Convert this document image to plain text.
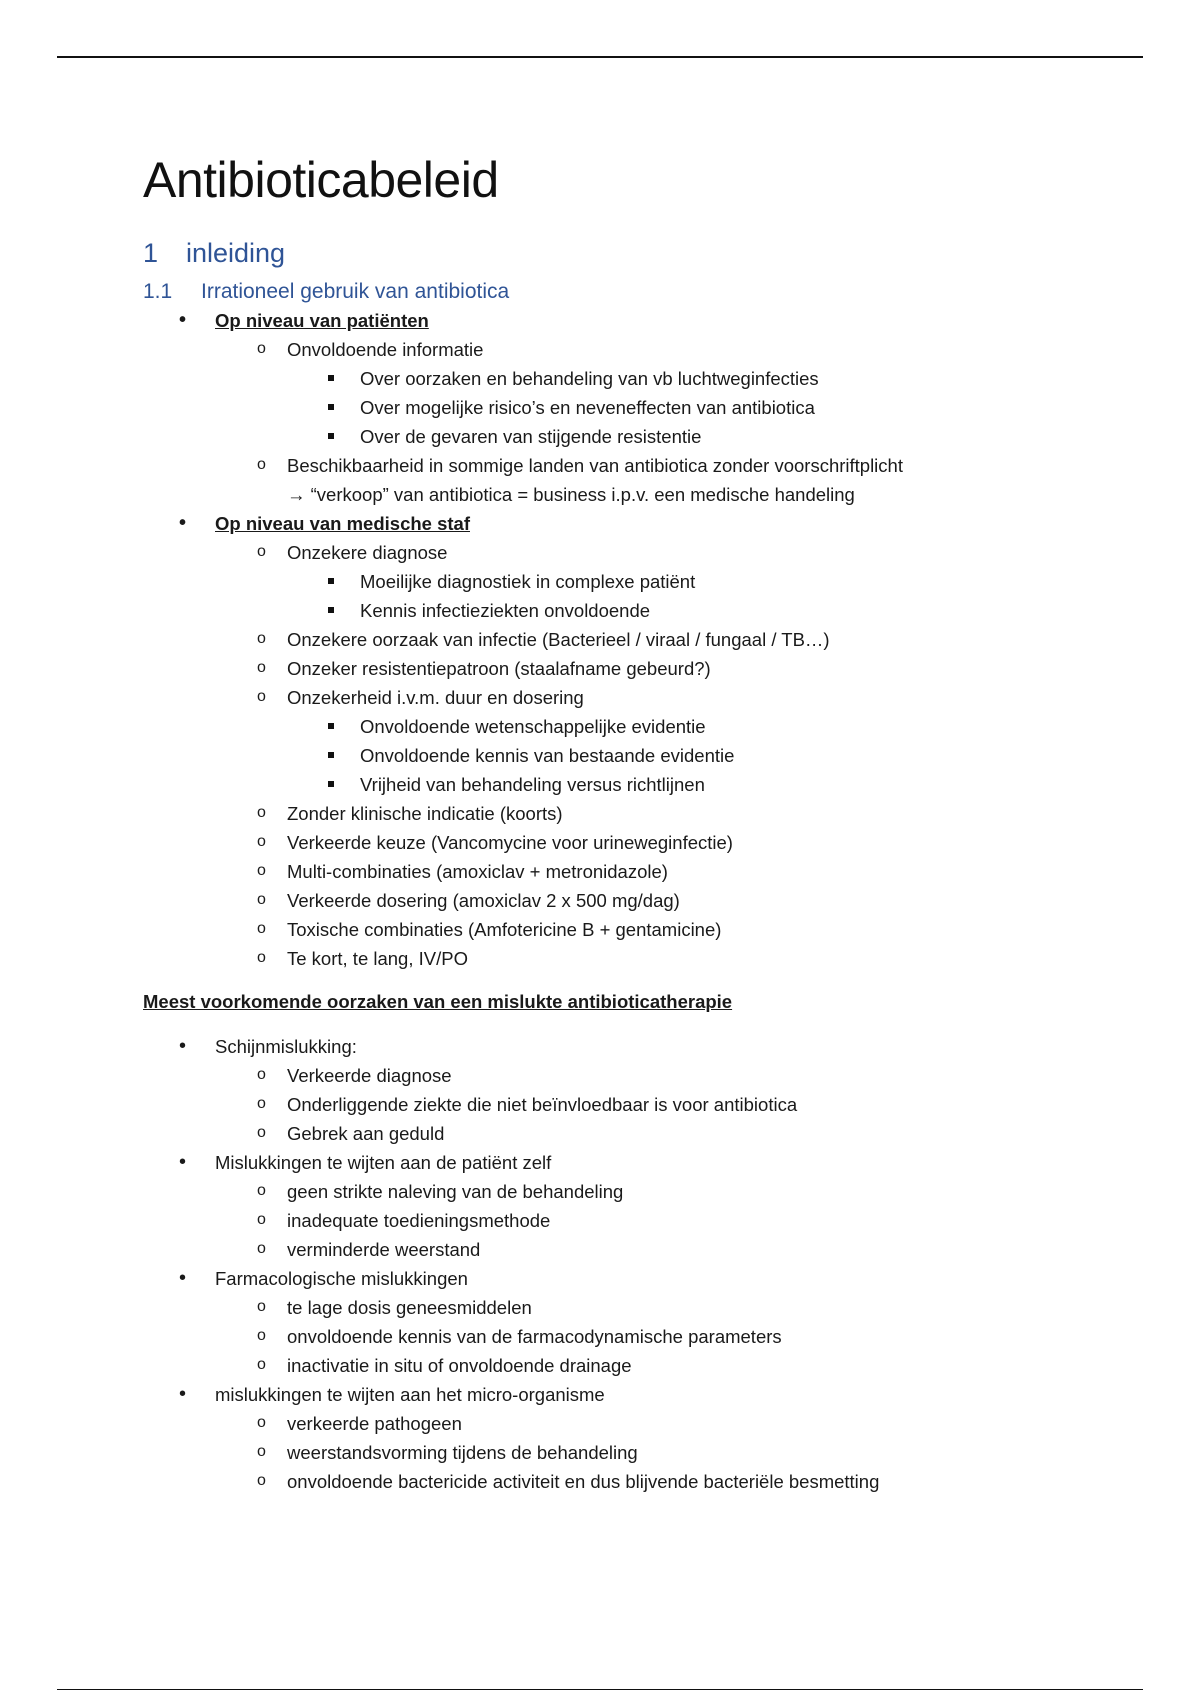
Antibioticabeleid
1	inleiding
1.1	Irrationeel gebruik van antibiotica
• Op niveau van patiënten
o Onvoldoende informatie
Over oorzaken en behandeling van vb luchtweginfecties
Over mogelijke risico’s en neveneffecten van antibiotica
Over de gevaren van stijgende resistentie
o Beschikbaarheid in sommige landen van antibiotica zonder voorschriftplicht
→ “verkoop” van antibiotica = business i.p.v. een medische handeling
• Op niveau van medische staf
o Onzekere diagnose
Moeilijke diagnostiek in complexe patiënt
Kennis infectieziekten onvoldoende
o Onzekere oorzaak van infectie (Bacterieel / viraal / fungaal / TB…)
o Onzeker resistentiepatroon (staalafname gebeurd?)
o Onzekerheid i.v.m. duur en dosering
Onvoldoende wetenschappelijke evidentie
Onvoldoende kennis van bestaande evidentie
Vrijheid van behandeling versus richtlijnen
o Zonder klinische indicatie (koorts)
o Verkeerde keuze (Vancomycine voor urineweginfectie)
o Multi-combinaties (amoxiclav + metronidazole)
o Verkeerde dosering (amoxiclav 2 x 500 mg/dag)
o Toxische combinaties (Amfotericine B + gentamicine)
o Te kort, te lang, IV/PO
Meest voorkomende oorzaken van een mislukte antibioticatherapie
• Schijnmislukking:
o Verkeerde diagnose
o Onderliggende ziekte die niet beïnvloedbaar is voor antibiotica
o Gebrek aan geduld
• Mislukkingen te wijten aan de patiënt zelf
o geen strikte naleving van de behandeling
o inadequate toedieningsmethode
o verminderde weerstand
• Farmacologische mislukkingen
o te lage dosis geneesmiddelen
o onvoldoende kennis van de farmacodynamische parameters
o inactivatie in situ of onvoldoende drainage
• mislukkingen te wijten aan het micro-organisme
o verkeerde pathogeen
o weerstandsvorming tijdens de behandeling
o onvoldoende bactericide activiteit en dus blijvende bacteriële besmetting
